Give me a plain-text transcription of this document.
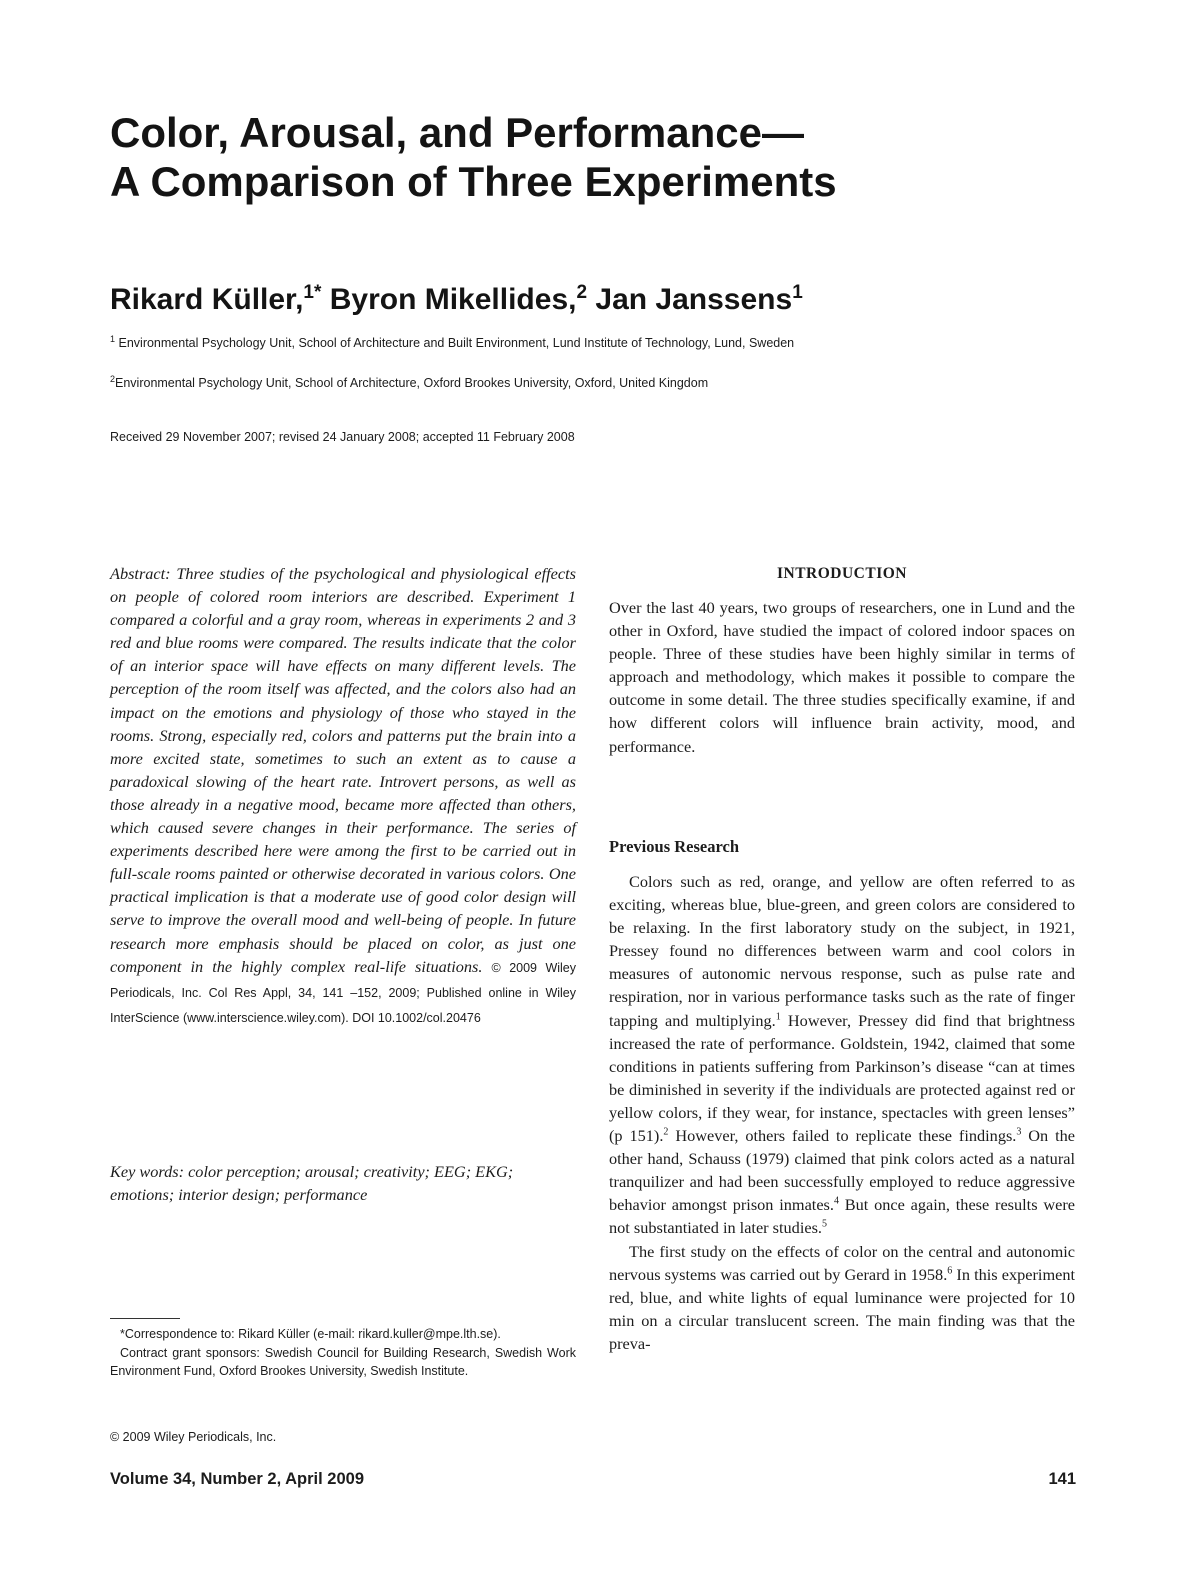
Color, Arousal, and Performance—
A Comparison of Three Experiments

Rikard Küller,$^{1*}$ Byron Mikellides,$^2$ Jan Janssens$^1$

$^1$ Environmental Psychology Unit, School of Architecture and Built Environment, Lund Institute of Technology, Lund, Sweden

$^2$Environmental Psychology Unit, School of Architecture, Oxford Brookes University, Oxford, United Kingdom

Received 29 November 2007; revised 24 January 2008; accepted 11 February 2008

Abstract: Three studies of the psychological and physiological effects on people of colored room interiors are described. Experiment 1 compared a colorful and a gray room, whereas in experiments 2 and 3 red and blue rooms were compared. The results indicate that the color of an interior space will have effects on many different levels. The perception of the room itself was affected, and the colors also had an impact on the emotions and physiology of those who stayed in the rooms. Strong, especially red, colors and patterns put the brain into a more excited state, sometimes to such an extent as to cause a paradoxical slowing of the heart rate. Introvert persons, as well as those already in a negative mood, became more affected than others, which caused severe changes in their performance. The series of experiments described here were among the first to be carried out in full-scale rooms painted or otherwise decorated in various colors. One practical implication is that a moderate use of good color design will serve to improve the overall mood and well-being of people. In future research more emphasis should be placed on color, as just one component in the highly complex real-life situations. © 2009 Wiley Periodicals, Inc. Col Res Appl, 34, 141 –152, 2009; Published online in Wiley InterScience (www.interscience.wiley.com). DOI 10.1002/col.20476

Key words: color perception; arousal; creativity; EEG; EKG; emotions; interior design; performance

*Correspondence to: Rikard Küller (e-mail: rikard.kuller@mpe.lth.se).

Contract grant sponsors: Swedish Council for Building Research, Swedish Work Environment Fund, Oxford Brookes University, Swedish Institute.

© 2009 Wiley Periodicals, Inc.

INTRODUCTION

Over the last 40 years, two groups of researchers, one in Lund and the other in Oxford, have studied the impact of colored indoor spaces on people. Three of these studies have been highly similar in terms of approach and methodology, which makes it possible to compare the outcome in some detail. The three studies specifically examine, if and how different colors will influence brain activity, mood, and performance.

Previous Research

Colors such as red, orange, and yellow are often referred to as exciting, whereas blue, blue-green, and green colors are considered to be relaxing. In the first laboratory study on the subject, in 1921, Pressey found no differences between warm and cool colors in measures of autonomic nervous response, such as pulse rate and respiration, nor in various performance tasks such as the rate of finger tapping and multiplying.$^1$ However, Pressey did find that brightness increased the rate of performance. Goldstein, 1942, claimed that some conditions in patients suffering from Parkinson’s disease “can at times be diminished in severity if the individuals are protected against red or yellow colors, if they wear, for instance, spectacles with green lenses” (p 151).$^2$ However, others failed to replicate these findings.$^3$ On the other hand, Schauss (1979) claimed that pink colors acted as a natural tranquilizer and had been successfully employed to reduce aggressive behavior amongst prison inmates.$^4$ But once again, these results were not substantiated in later studies.$^5$

The first study on the effects of color on the central and autonomic nervous systems was carried out by Gerard in 1958.$^6$ In this experiment red, blue, and white lights of equal luminance were projected for 10 min on a circular translucent screen. The main finding was that the preva-

Volume 34, Number 2, April 2009	141
